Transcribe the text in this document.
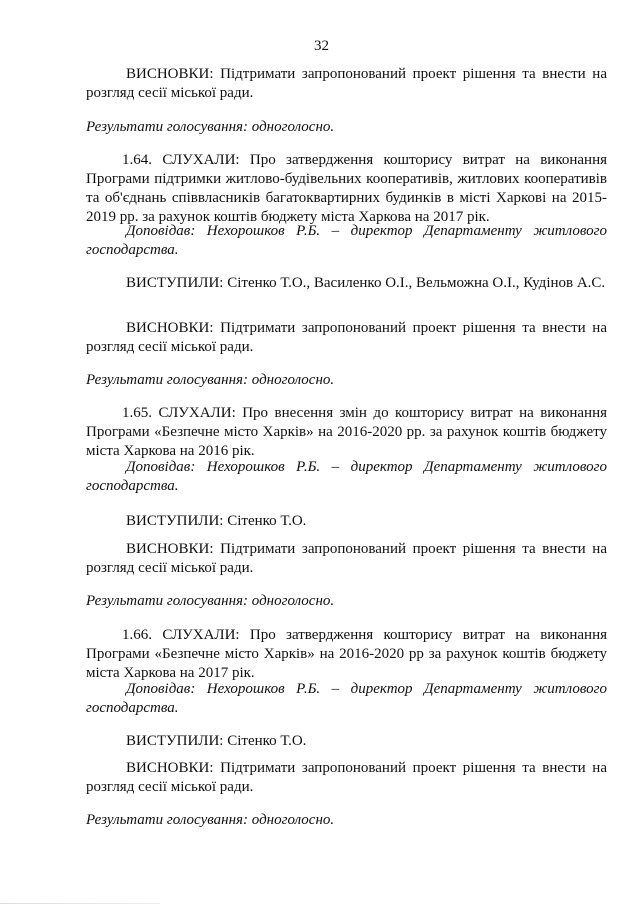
32
ВИСНОВКИ: Підтримати запропонований проект рішення та внести на розгляд сесії міської ради.
Результати голосування: одноголосно.
1.64. СЛУХАЛИ: Про затвердження кошторису витрат на виконання Програми підтримки житлово-будівельних кооперативів, житлових кооперативів та об'єднань співвласників багатоквартирних будинків в місті Харкові на 2015-2019 рр. за рахунок коштів бюджету міста Харкова на 2017 рік.
Доповідав: Нехорошков Р.Б. – директор Департаменту житлового господарства.
ВИСТУПИЛИ: Сітенко Т.О., Василенко О.І., Вельможна О.І., Кудінов А.С.
ВИСНОВКИ: Підтримати запропонований проект рішення та внести на розгляд сесії міської ради.
Результати голосування: одноголосно.
1.65. СЛУХАЛИ: Про внесення змін до кошторису витрат на виконання Програми «Безпечне місто Харків» на 2016-2020 рр. за рахунок коштів бюджету міста Харкова на 2016 рік.
Доповідав: Нехорошков Р.Б. – директор Департаменту житлового господарства.
ВИСТУПИЛИ: Сітенко Т.О.
ВИСНОВКИ: Підтримати запропонований проект рішення та внести на розгляд сесії міської ради.
Результати голосування: одноголосно.
1.66. СЛУХАЛИ: Про затвердження кошторису витрат на виконання Програми «Безпечне місто Харків» на 2016-2020 рр за рахунок коштів бюджету міста Харкова на 2017 рік.
Доповідав: Нехорошков Р.Б. – директор Департаменту житлового господарства.
ВИСТУПИЛИ: Сітенко Т.О.
ВИСНОВКИ: Підтримати запропонований проект рішення та внести на розгляд сесії міської ради.
Результати голосування: одноголосно.
